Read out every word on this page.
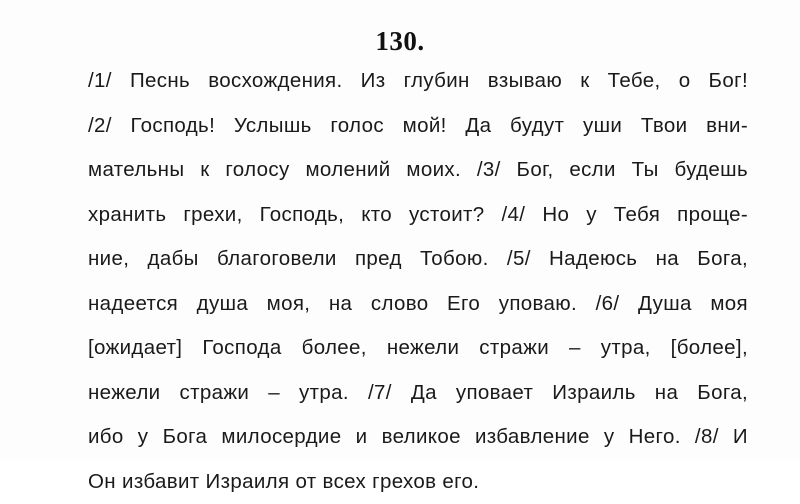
130.
/1/ Песнь восхождения. Из глубин взываю к Тебе, о Бог!
/2/ Господь! Услышь голос мой! Да будут уши Твои вни-
мательны к голосу молений моих. /3/ Бог, если Ты будешь
хранить грехи, Господь, кто устоит? /4/ Но у Тебя проще-
ние, дабы благоговели пред Тобою. /5/ Надеюсь на Бога,
надеется душа моя, на слово Его уповаю. /6/ Душа моя
[ожидает] Господа более, нежели стражи – утра, [более],
нежели стражи – утра. /7/ Да уповает Израиль на Бога,
ибо у Бога милосердие и великое избавление у Него. /8/ И
Он избавит Израиля от всех грехов его.
